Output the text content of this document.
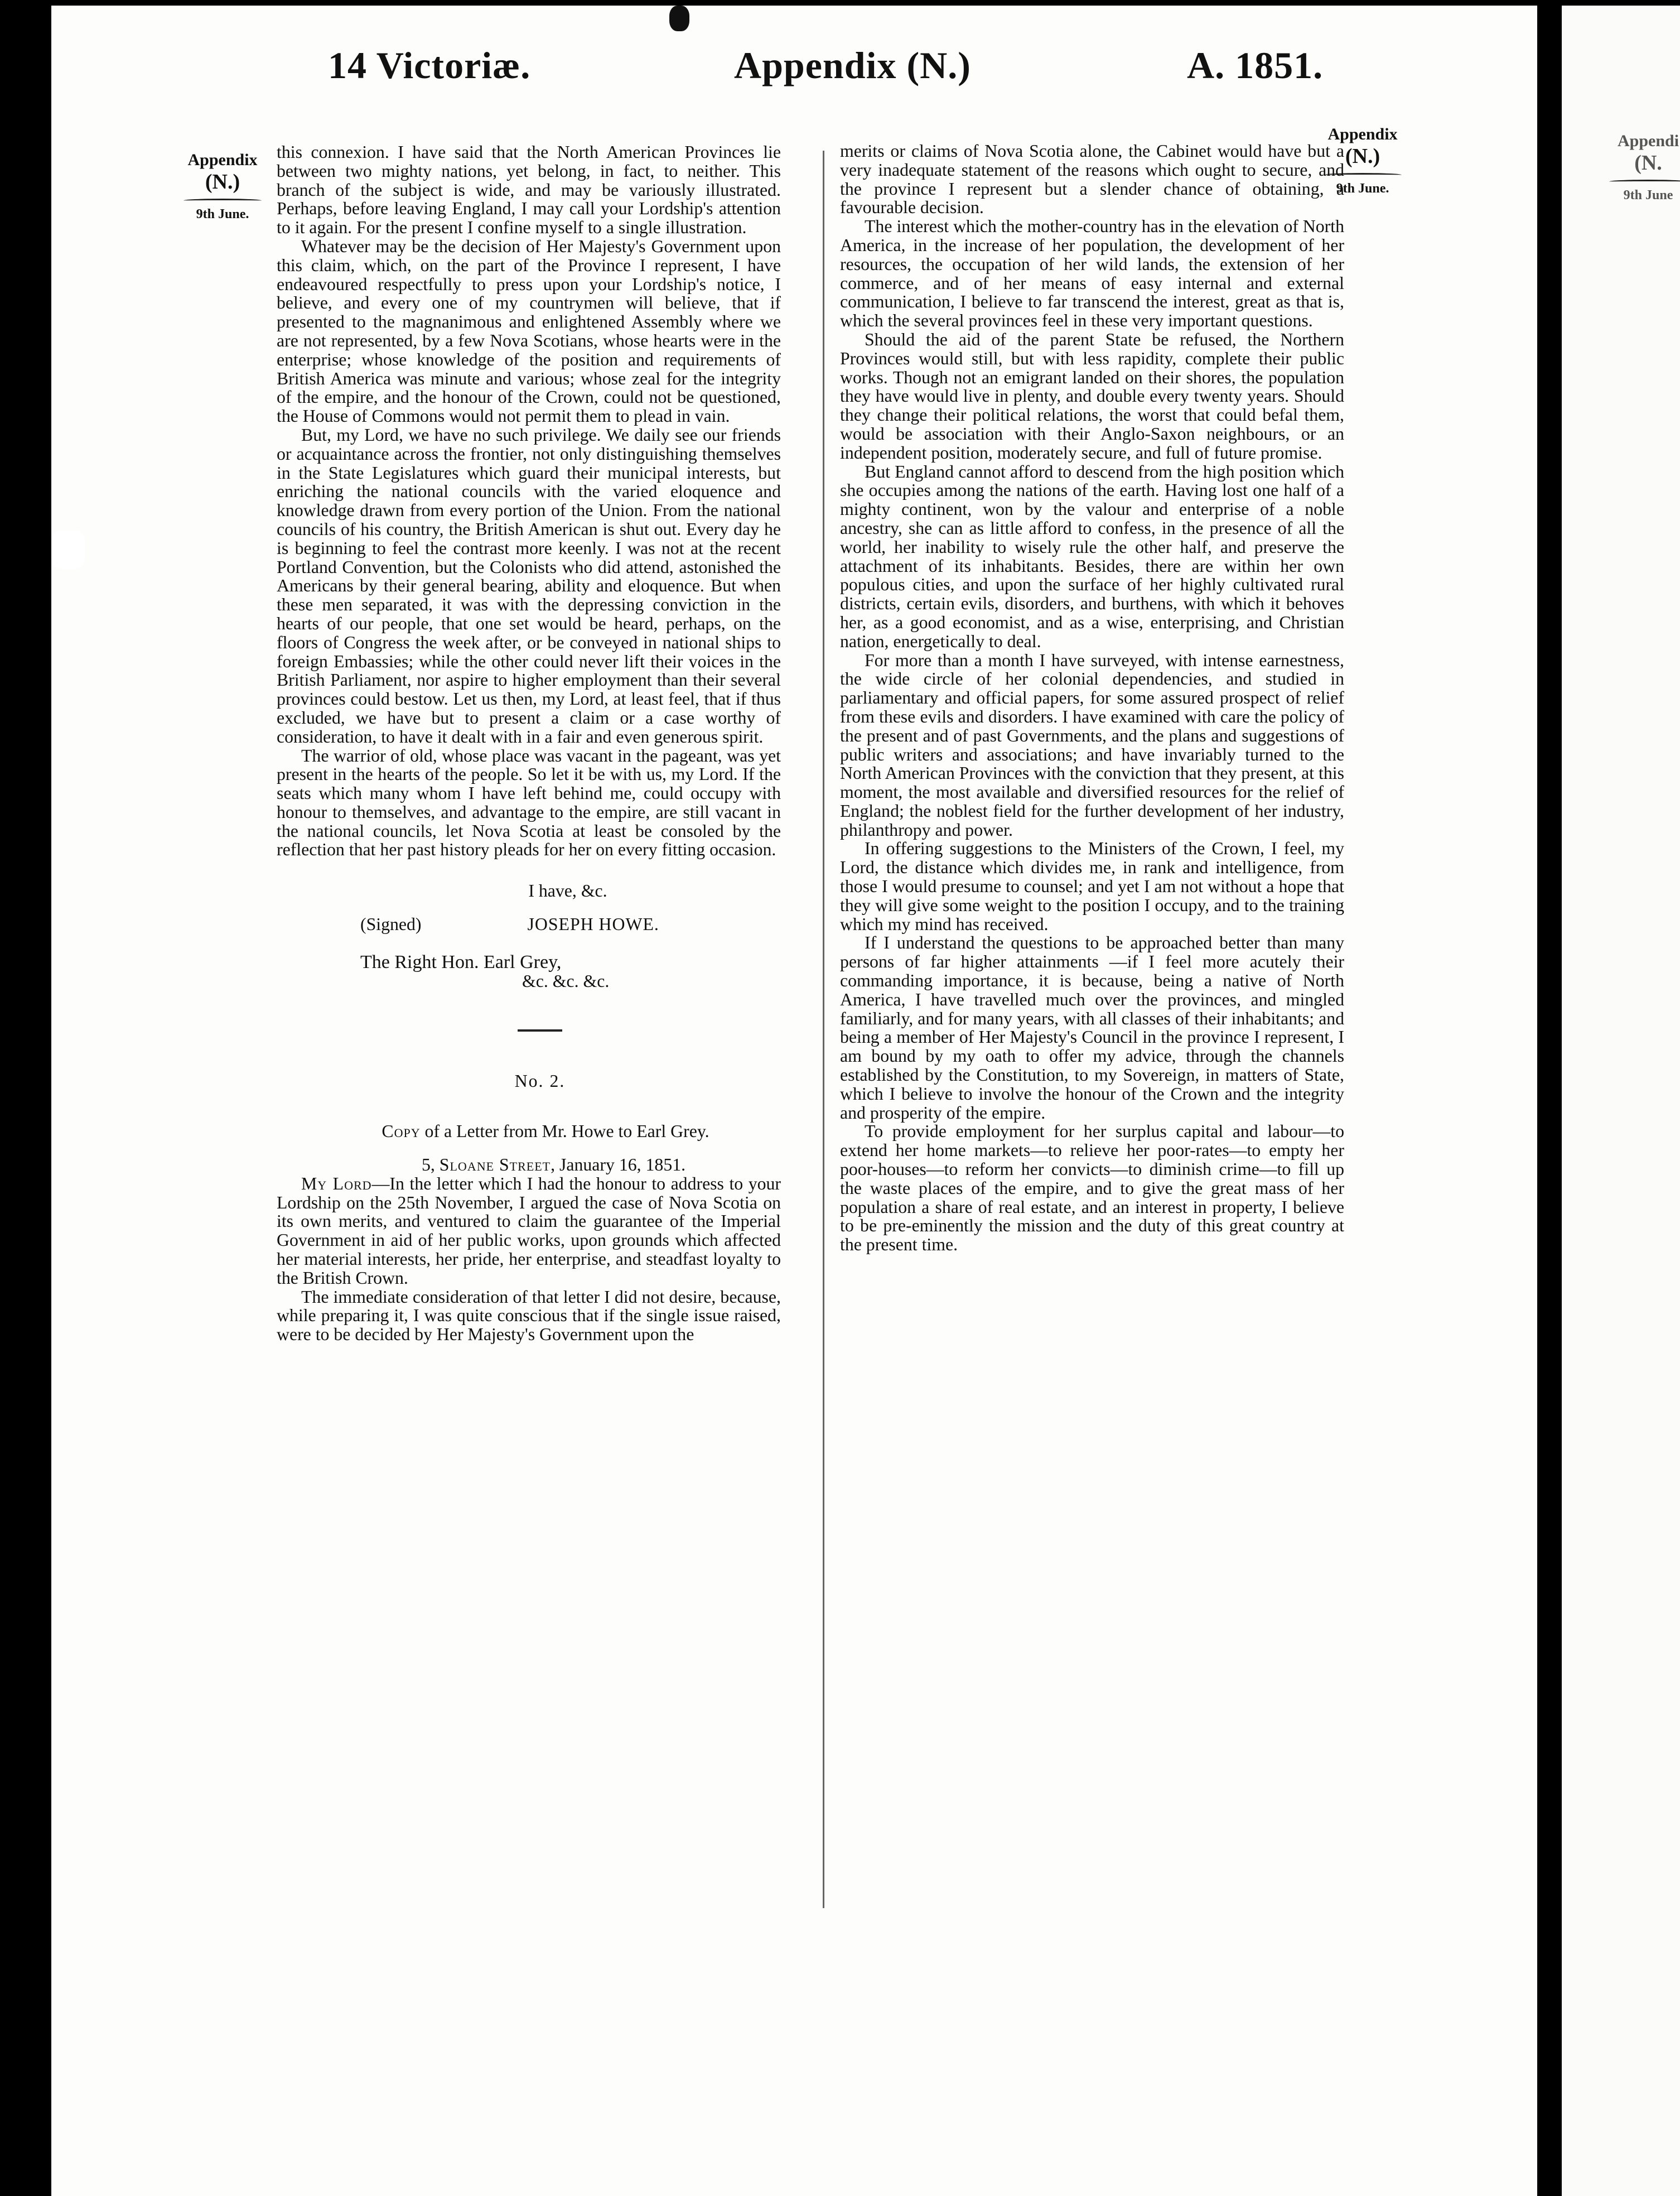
14 Victoriæ.	Appendix (N.)	A. 1851.
Appendi
(N.
9th June
Appendix
(N.)
9th June.
Appendix
(N.)
9th June.

this connexion. I have said that the North American Provinces lie between two mighty nations, yet belong, in fact, to neither. This branch of the subject is wide, and may be variously illustrated. Perhaps, before leaving England, I may call your Lordship's attention to it again. For the present I confine myself to a single illustration.

Whatever may be the decision of Her Majesty's Government upon this claim, which, on the part of the Province I represent, I have endeavoured respectfully to press upon your Lordship's notice, I believe, and every one of my countrymen will believe, that if presented to the magnanimous and enlightened Assembly where we are not represented, by a few Nova Scotians, whose hearts were in the enterprise; whose knowledge of the position and requirements of British America was minute and various; whose zeal for the integrity of the empire, and the honour of the Crown, could not be questioned, the House of Commons would not permit them to plead in vain.

But, my Lord, we have no such privilege. We daily see our friends or acquaintance across the frontier, not only distinguishing themselves in the State Legislatures which guard their municipal interests, but enriching the national councils with the varied eloquence and knowledge drawn from every portion of the Union. From the national councils of his country, the British American is shut out. Every day he is beginning to feel the contrast more keenly. I was not at the recent Portland Convention, but the Colonists who did attend, astonished the Americans by their general bearing, ability and eloquence. But when these men separated, it was with the depressing conviction in the hearts of our people, that one set would be heard, perhaps, on the floors of Congress the week after, or be conveyed in national ships to foreign Embassies; while the other could never lift their voices in the British Parliament, nor aspire to higher employment than their several provinces could bestow. Let us then, my Lord, at least feel, that if thus excluded, we have but to present a claim or a case worthy of consideration, to have it dealt with in a fair and even generous spirit.

The warrior of old, whose place was vacant in the pageant, was yet present in the hearts of the people. So let it be with us, my Lord. If the seats which many whom I have left behind me, could occupy with honour to themselves, and advantage to the empire, are still vacant in the national councils, let Nova Scotia at least be consoled by the reflection that her past history pleads for her on every fitting occasion.

I have, &c.
(Signed)	JOSEPH HOWE.
The Right Hon. Earl Grey,
&c. &c. &c.
No. 2.
Copy of a Letter from Mr. Howe to Earl Grey.
5, Sloane Street, January 16, 1851.

My Lord—In the letter which I had the honour to address to your Lordship on the 25th November, I argued the case of Nova Scotia on its own merits, and ventured to claim the guarantee of the Imperial Government in aid of her public works, upon grounds which affected her material interests, her pride, her enterprise, and steadfast loyalty to the British Crown.

The immediate consideration of that letter I did not desire, because, while preparing it, I was quite conscious that if the single issue raised, were to be decided by Her Majesty's Government upon the

merits or claims of Nova Scotia alone, the Cabinet would have but a very inadequate statement of the reasons which ought to secure, and the province I represent but a slender chance of obtaining, a favourable decision.

The interest which the mother-country has in the elevation of North America, in the increase of her population, the development of her resources, the occupation of her wild lands, the extension of her commerce, and of her means of easy internal and external communication, I believe to far transcend the interest, great as that is, which the several provinces feel in these very important questions.

Should the aid of the parent State be refused, the Northern Provinces would still, but with less rapidity, complete their public works. Though not an emigrant landed on their shores, the population they have would live in plenty, and double every twenty years. Should they change their political relations, the worst that could befal them, would be association with their Anglo-Saxon neighbours, or an independent position, moderately secure, and full of future promise.

But England cannot afford to descend from the high position which she occupies among the nations of the earth. Having lost one half of a mighty continent, won by the valour and enterprise of a noble ancestry, she can as little afford to confess, in the presence of all the world, her inability to wisely rule the other half, and preserve the attachment of its inhabitants. Besides, there are within her own populous cities, and upon the surface of her highly cultivated rural districts, certain evils, disorders, and burthens, with which it behoves her, as a good economist, and as a wise, enterprising, and Christian nation, energetically to deal.

For more than a month I have surveyed, with intense earnestness, the wide circle of her colonial dependencies, and studied in parliamentary and official papers, for some assured prospect of relief from these evils and disorders. I have examined with care the policy of the present and of past Governments, and the plans and suggestions of public writers and associations; and have invariably turned to the North American Provinces with the conviction that they present, at this moment, the most available and diversified resources for the relief of England; the noblest field for the further development of her industry, philanthropy and power.

In offering suggestions to the Ministers of the Crown, I feel, my Lord, the distance which divides me, in rank and intelligence, from those I would presume to counsel; and yet I am not without a hope that they will give some weight to the position I occupy, and to the training which my mind has received.

If I understand the questions to be approached better than many persons of far higher attainments —if I feel more acutely their commanding importance, it is because, being a native of North America, I have travelled much over the provinces, and mingled familiarly, and for many years, with all classes of their inhabitants; and being a member of Her Majesty's Council in the province I represent, I am bound by my oath to offer my advice, through the channels established by the Constitution, to my Sovereign, in matters of State, which I believe to involve the honour of the Crown and the integrity and prosperity of the empire.

To provide employment for her surplus capital and labour—to extend her home markets—to relieve her poor-rates—to empty her poor-houses—to reform her convicts—to diminish crime—to fill up the waste places of the empire, and to give the great mass of her population a share of real estate, and an interest in property, I believe to be pre-eminently the mission and the duty of this great country at the present time.
